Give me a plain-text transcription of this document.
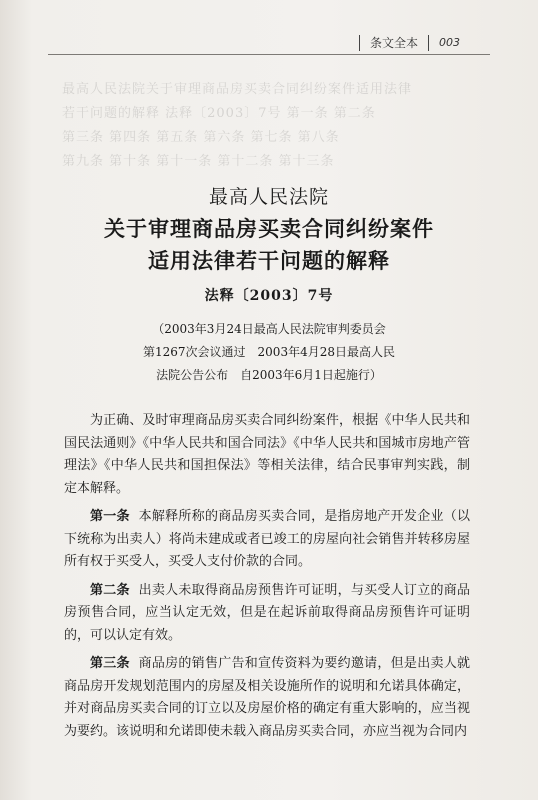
条文全本 003
最高人民法院关于审理商品房买卖合同纠纷案件适用法律
若干问题的解释 法释〔2003〕7号 第一条 第二条
第三条 第四条 第五条 第六条 第七条 第八条
第九条 第十条 第十一条 第十二条 第十三条
最高人民法院
关于审理商品房买卖合同纠纷案件
适用法律若干问题的解释
法释〔2003〕7号
（2003年3月24日最高人民法院审判委员会
第1267次会议通过　2003年4月28日最高人民
法院公告公布　自2003年6月1日起施行）

为正确、及时审理商品房买卖合同纠纷案件，根据《中华人民共和国民法通则》《中华人民共和国合同法》《中华人民共和国城市房地产管理法》《中华人民共和国担保法》等相关法律，结合民事审判实践，制定本解释。

第一条 本解释所称的商品房买卖合同，是指房地产开发企业（以下统称为出卖人）将尚未建成或者已竣工的房屋向社会销售并转移房屋所有权于买受人，买受人支付价款的合同。

第二条 出卖人未取得商品房预售许可证明，与买受人订立的商品房预售合同，应当认定无效，但是在起诉前取得商品房预售许可证明的，可以认定有效。

第三条 商品房的销售广告和宣传资料为要约邀请，但是出卖人就商品房开发规划范围内的房屋及相关设施所作的说明和允诺具体确定，并对商品房买卖合同的订立以及房屋价格的确定有重大影响的，应当视为要约。该说明和允诺即使未载入商品房买卖合同，亦应当视为合同内
